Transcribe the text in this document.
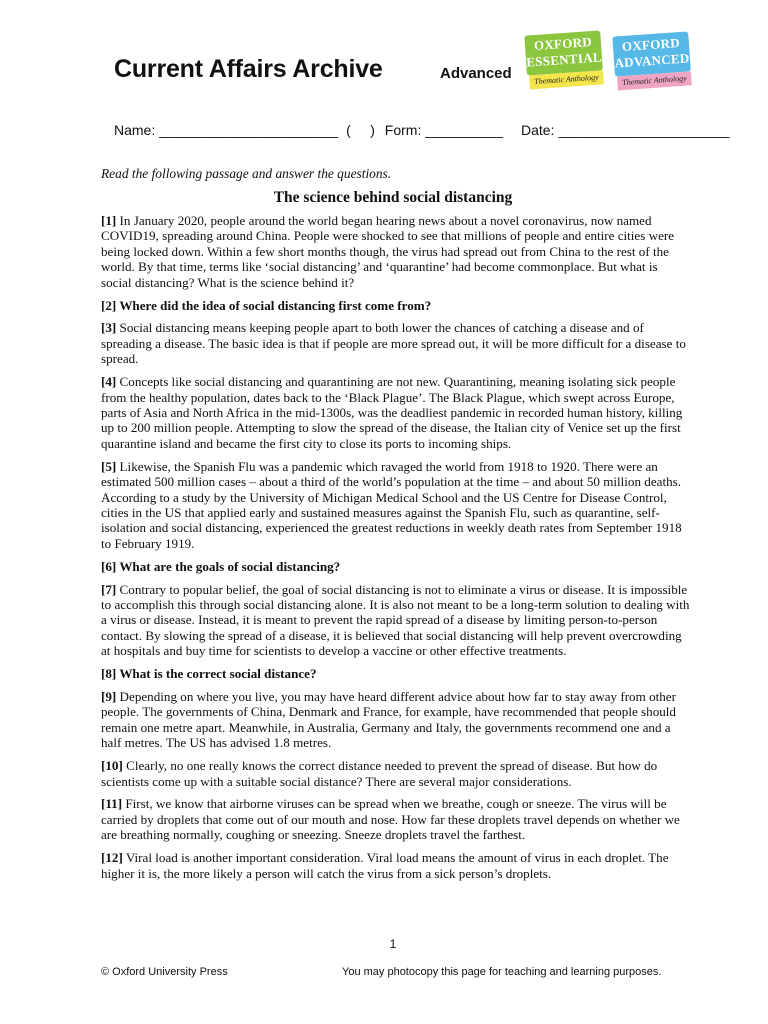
Current Affairs Archive	Advanced
OXFORD
ESSENTIAL
Thematic Anthology
OXFORD
ADVANCED
Thematic Anthology
Name: _______________________ (     ) Form: __________ Date: ______________________
Read the following passage and answer the questions.
The science behind social distancing

[1] In January 2020, people around the world began hearing news about a novel coronavirus, now named COVID19, spreading around China. People were shocked to see that millions of people and entire cities were being locked down. Within a few short months though, the virus had spread out from China to the rest of the world. By that time, terms like ‘social distancing’ and ‘quarantine’ had become commonplace. But what is social distancing? What is the science behind it?

[2] Where did the idea of social distancing first come from?

[3] Social distancing means keeping people apart to both lower the chances of catching a disease and of spreading a disease. The basic idea is that if people are more spread out, it will be more difficult for a disease to spread.

[4] Concepts like social distancing and quarantining are not new. Quarantining, meaning isolating sick people from the healthy population, dates back to the ‘Black Plague’. The Black Plague, which swept across Europe, parts of Asia and North Africa in the mid-1300s, was the deadliest pandemic in recorded human history, killing up to 200 million people. Attempting to slow the spread of the disease, the Italian city of Venice set up the first quarantine island and became the first city to close its ports to incoming ships.

[5] Likewise, the Spanish Flu was a pandemic which ravaged the world from 1918 to 1920. There were an estimated 500 million cases – about a third of the world’s population at the time – and about 50 million deaths. According to a study by the University of Michigan Medical School and the US Centre for Disease Control, cities in the US that applied early and sustained measures against the Spanish Flu, such as quarantine, self-isolation and social distancing, experienced the greatest reductions in weekly death rates from September 1918 to February 1919.

[6] What are the goals of social distancing?

[7] Contrary to popular belief, the goal of social distancing is not to eliminate a virus or disease. It is impossible to accomplish this through social distancing alone. It is also not meant to be a long-term solution to dealing with a virus or disease. Instead, it is meant to prevent the rapid spread of a disease by limiting person-to-person contact. By slowing the spread of a disease, it is believed that social distancing will help prevent overcrowding at hospitals and buy time for scientists to develop a vaccine or other effective treatments.

[8] What is the correct social distance?

[9] Depending on where you live, you may have heard different advice about how far to stay away from other people. The governments of China, Denmark and France, for example, have recommended that people should remain one metre apart. Meanwhile, in Australia, Germany and Italy, the governments recommend one and a half metres. The US has advised 1.8 metres.

[10] Clearly, no one really knows the correct distance needed to prevent the spread of disease. But how do scientists come up with a suitable social distance? There are several major considerations.

[11] First, we know that airborne viruses can be spread when we breathe, cough or sneeze. The virus will be carried by droplets that come out of our mouth and nose. How far these droplets travel depends on whether we are breathing normally, coughing or sneezing. Sneeze droplets travel the farthest.

[12] Viral load is another important consideration. Viral load means the amount of virus in each droplet. The higher it is, the more likely a person will catch the virus from a sick person’s droplets.

1
© Oxford University Press	You may photocopy this page for teaching and learning purposes.
